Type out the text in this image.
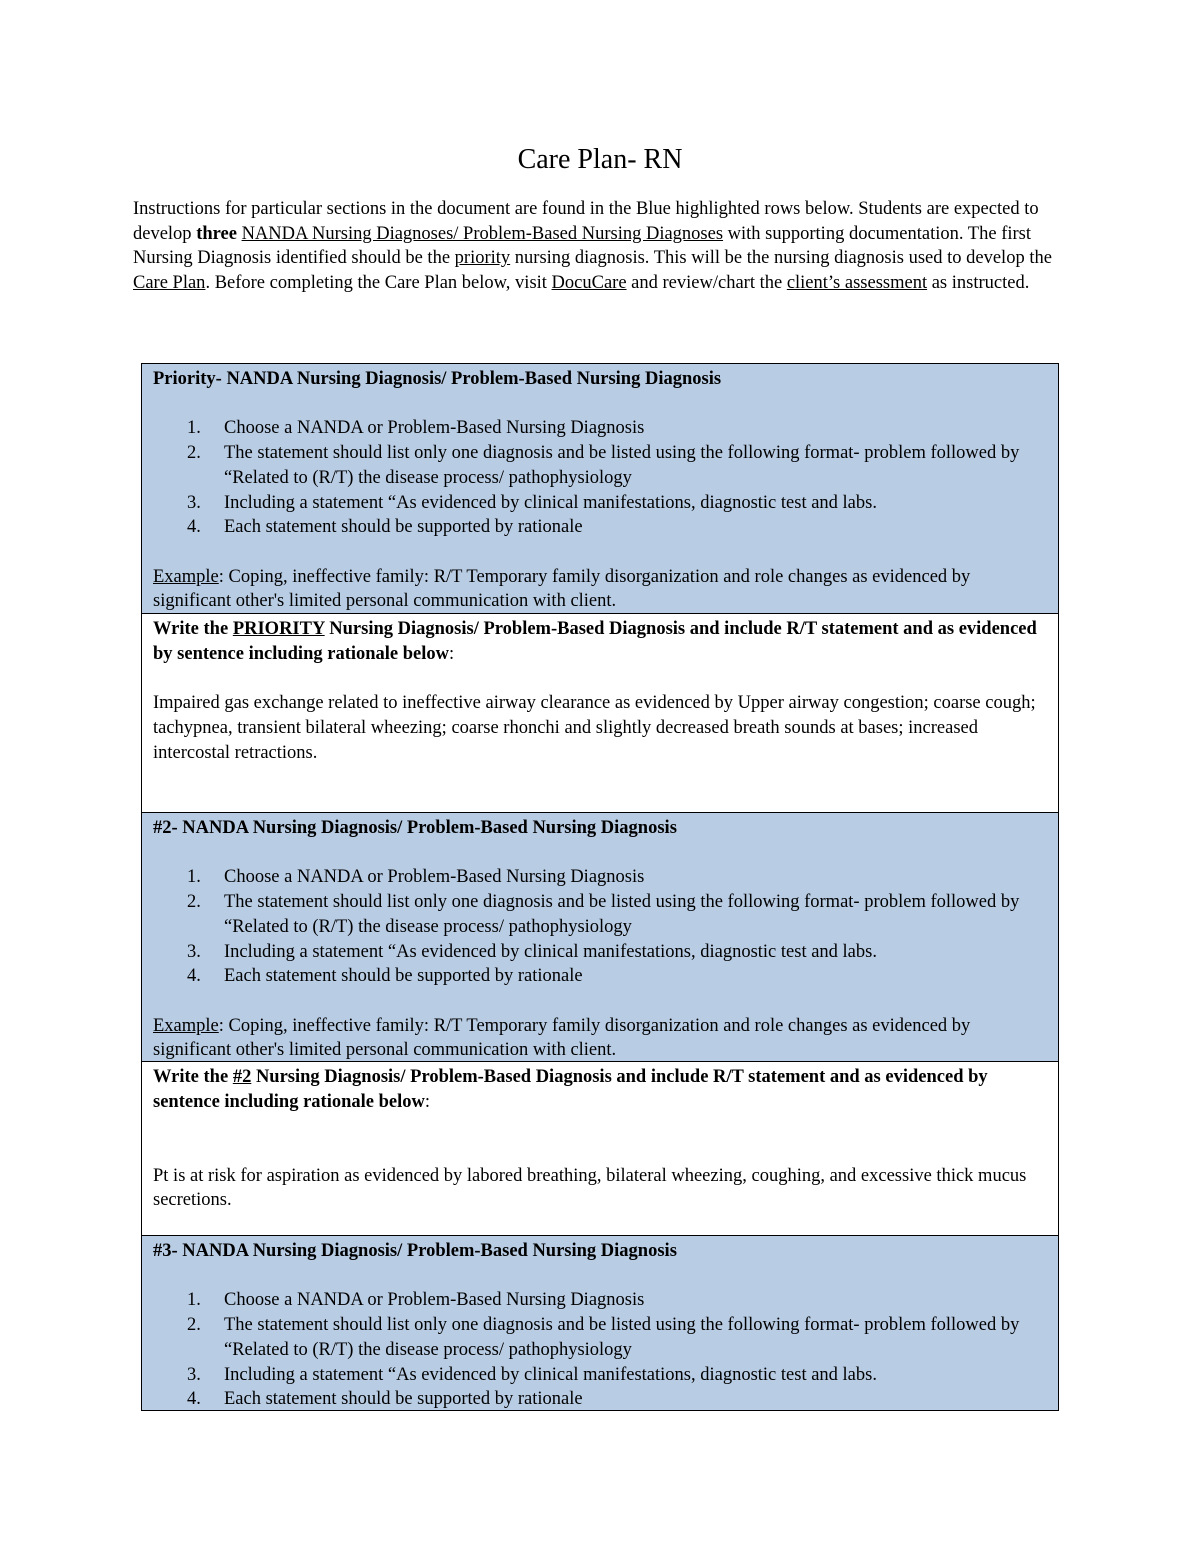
Care Plan- RN
Instructions for particular sections in the document are found in the Blue highlighted rows below. Students are expected to develop three NANDA Nursing Diagnoses/ Problem-Based Nursing Diagnoses with supporting documentation. The first Nursing Diagnosis identified should be the priority nursing diagnosis. This will be the nursing diagnosis used to develop the Care Plan. Before completing the Care Plan below, visit DocuCare and review/chart the client’s assessment as instructed.
Priority- NANDA Nursing Diagnosis/ Problem-Based Nursing Diagnosis
1. Choose a NANDA or Problem-Based Nursing Diagnosis
2. The statement should list only one diagnosis and be listed using the following format- problem followed by “Related to (R/T) the disease process/ pathophysiology
3. Including a statement “As evidenced by clinical manifestations, diagnostic test and labs.
4. Each statement should be supported by rationale
Example: Coping, ineffective family: R/T Temporary family disorganization and role changes as evidenced by significant other's limited personal communication with client.
Write the PRIORITY Nursing Diagnosis/ Problem-Based Diagnosis and include R/T statement and as evidenced by sentence including rationale below:
Impaired gas exchange related to ineffective airway clearance as evidenced by Upper airway congestion; coarse cough; tachypnea, transient bilateral wheezing; coarse rhonchi and slightly decreased breath sounds at bases; increased intercostal retractions.
#2- NANDA Nursing Diagnosis/ Problem-Based Nursing Diagnosis
1. Choose a NANDA or Problem-Based Nursing Diagnosis
2. The statement should list only one diagnosis and be listed using the following format- problem followed by “Related to (R/T) the disease process/ pathophysiology
3. Including a statement “As evidenced by clinical manifestations, diagnostic test and labs.
4. Each statement should be supported by rationale
Example: Coping, ineffective family: R/T Temporary family disorganization and role changes as evidenced by significant other's limited personal communication with client.
Write the #2 Nursing Diagnosis/ Problem-Based Diagnosis and include R/T statement and as evidenced by sentence including rationale below:
Pt is at risk for aspiration as evidenced by labored breathing, bilateral wheezing, coughing, and excessive thick mucus secretions.
#3- NANDA Nursing Diagnosis/ Problem-Based Nursing Diagnosis
1. Choose a NANDA or Problem-Based Nursing Diagnosis
2. The statement should list only one diagnosis and be listed using the following format- problem followed by “Related to (R/T) the disease process/ pathophysiology
3. Including a statement “As evidenced by clinical manifestations, diagnostic test and labs.
4. Each statement should be supported by rationale
